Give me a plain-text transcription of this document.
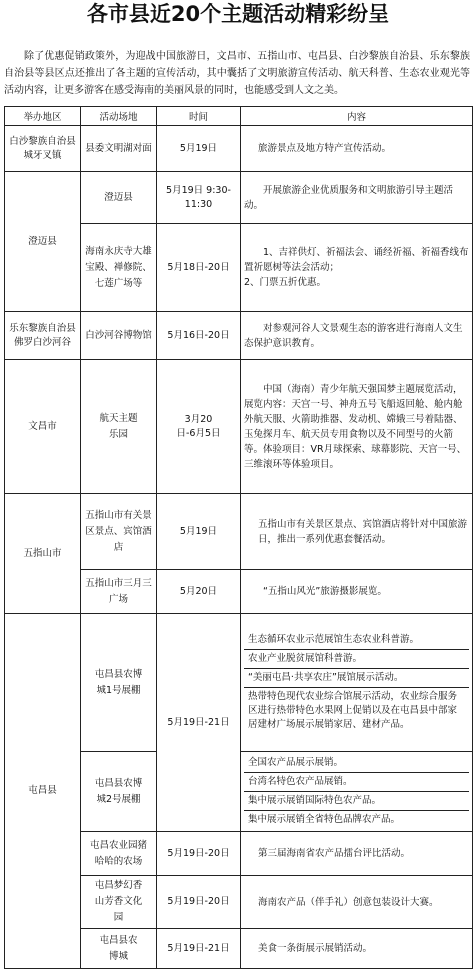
各市县近20个主题活动精彩纷呈

除了优惠促销政策外，为迎战中国旅游日，文昌市、五指山市、屯昌县、白沙黎族自治县、乐东黎族自治县等县区点还推出了各主题的宣传活动，其中囊括了文明旅游宣传活动、航天科普、生态农业观光等活动内容，让更多游客在感受海南的美丽风景的同时，也能感受到人文之美。

举办地区	活动场地	时间	内容
白沙黎族自治县城牙叉镇	县委文明湖对面	5月19日	旅游景点及地方特产宣传活动。

澄迈县	澄迈县	5月19日 9:30-11:30	开展旅游企业优质服务和文明旅游引导主题活动。

	海南永庆寺大雄宝殿、禅修院、七莲广场等	5月18日-20日	1、吉祥供灯、祈福法会、诵经祈福、祈福香线布置祈愿树等法会活动；
2、门票五折优惠。

乐东黎族自治县佛罗白沙河谷	白沙河谷博物馆	5月16日-20日	对参观河谷人文景观生态的游客进行海南人文生态保护意识教育。

文昌市	航天主题乐园	3月20日-6月5日	中国（海南）青少年航天强国梦主题展览活动，展览内容：天宫一号、神舟五号飞船返回舱、舱内舱外航天服、火箭助推器、发动机、嫦娥三号着陆器、玉兔探月车、航天员专用食物以及不同型号的火箭等。体验项目：VR月球探索、球幕影院、天宫一号、三维滚环等体验项目。

五指山市	五指山市有关景区景点、宾馆酒店	5月19日	五指山市有关景区景点、宾馆酒店将针对中国旅游日，推出一系列优惠套餐活动。

	五指山市三月三广场	5月20日	“五指山风光”旅游摄影展览。

屯昌县	屯昌县农博城1号展棚	5月19日-21日	生态循环农业示范展馆生态农业科普游。
农业产业脱贫展馆科普游。
“美丽屯昌·共享农庄”展馆展示活动。
热带特色现代农业综合馆展示活动，农业综合服务区进行热带特色水果网上促销以及在屯昌县中部家居建材广场展示展销家居、建材产品。

	屯昌县农博城2号展棚		全国农产品展示展销。
台湾名特色农产品展销。
集中展示展销国际特色农产品。
集中展示展销全省特色品牌农产品。

	屯昌农业园猪哈哈的农场	5月19日-20日	第三届海南省农产品擂台评比活动。

	屯昌梦幻香山芳香文化园	5月19日-20日	海南农产品（伴手礼）创意包装设计大赛。

	屯昌县农博城	5月19日-21日	美食一条街展示展销活动。
